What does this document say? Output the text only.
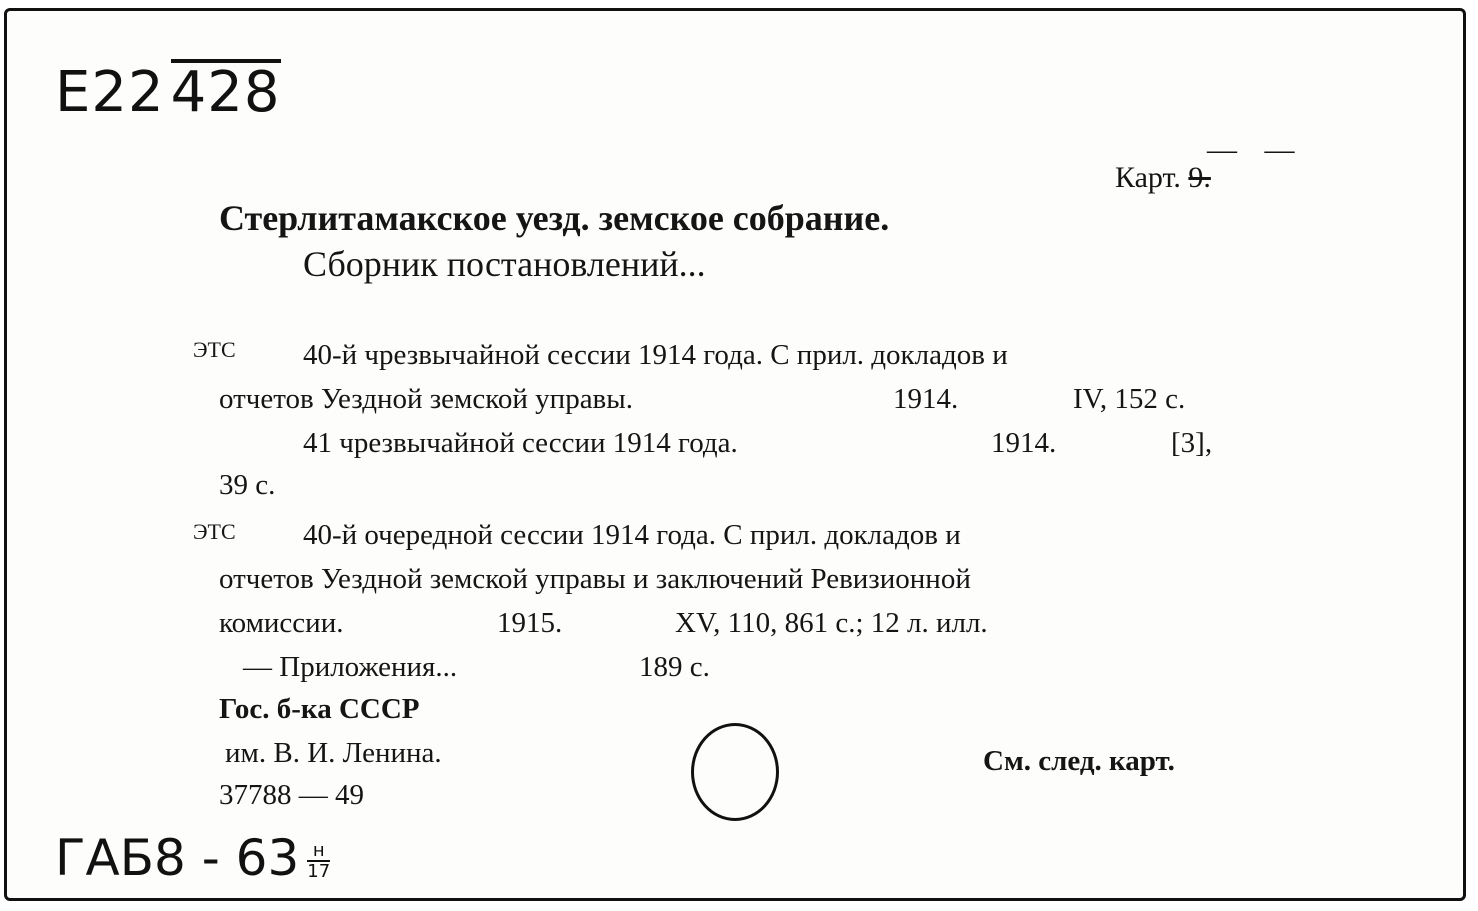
Е22 428
— —
Карт. 9.
Стерлитамакское уезд. земское собрание.
Сборник постановлений...
ЭТС 40-й чрезвычайной сессии 1914 года. С прил. докладов и
отчетов Уездной земской управы.	1914.	IV, 152 с.
41 чрезвычайной сессии 1914 года.	1914.	[3],
39 с.
ЭТС 40-й очередной сессии 1914 года. С прил. докладов и
отчетов Уездной земской управы и заключений Ревизионной
комиссии.	1915.	XV, 110, 861 с.; 12 л. илл.
— Приложения...	189 с.
Гос. б-ка СССР
им. В. И. Ленина.
37788 — 49
См. след. карт.
$ГАБ8 - 63 \frac{н}{17}$
